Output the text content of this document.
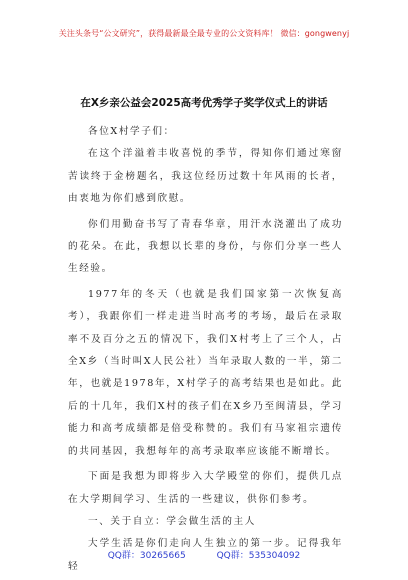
关注头条号“公文研究”，获得最新最全最专业的公文资料库！ 微信：gongwenyj
在X乡亲公益会2025高考优秀学子奖学仪式上的讲话

各位X村学子们：

在这个洋溢着丰收喜悦的季节，得知你们通过寒窗苦读终于金榜题名，我这位经历过数十年风雨的长者，由衷地为你们感到欣慰。

你们用勤奋书写了青春华章，用汗水浇灌出了成功的花朵。在此，我想以长辈的身份，与你们分享一些人生经验。

1977年的冬天（也就是我们国家第一次恢复高考），我跟你们一样走进当时高考的考场，最后在录取率不及百分之五的情况下，我们X村考上了三个人，占全X乡（当时叫X人民公社）当年录取人数的一半，第二年，也就是1978年，X村学子的高考结果也是如此。此后的十几年，我们X村的孩子们在X乡乃至闽清县，学习能力和高考成绩都是倍受称赞的。我们有马家祖宗遗传的共同基因，我想每年的高考录取率应该能不断增长。

下面是我想为即将步入大学殿堂的你们，提供几点在大学期间学习、生活的一些建议，供你们参考。

一、关于自立：学会做生活的主人

大学生活是你们走向人生独立的第一步。记得我年轻

QQ群：30265665	QQ群：535304092
